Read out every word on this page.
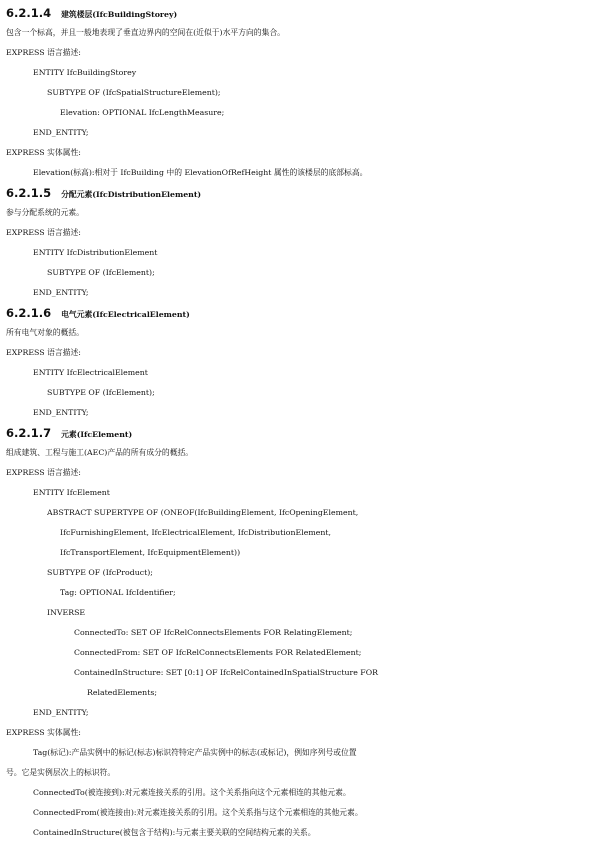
6.2.1.4 建筑楼层(IfcBuildingStorey)
包含一个标高，并且一般地表现了垂直边界内的空间在(近似于)水平方向的集合。
EXPRESS 语言描述:
ENTITY IfcBuildingStorey
SUBTYPE OF (IfcSpatialStructureElement);
Elevation: OPTIONAL IfcLengthMeasure;
END_ENTITY;
EXPRESS 实体属性:
Elevation(标高):相对于 IfcBuilding 中的 ElevationOfRefHeight 属性的该楼层的底部标高。
6.2.1.5 分配元素(IfcDistributionElement)
参与分配系统的元素。
EXPRESS 语言描述:
ENTITY IfcDistributionElement
SUBTYPE OF (IfcElement);
END_ENTITY;
6.2.1.6 电气元素(IfcElectricalElement)
所有电气对象的概括。
EXPRESS 语言描述:
ENTITY IfcElectricalElement
SUBTYPE OF (IfcElement);
END_ENTITY;
6.2.1.7 元素(IfcElement)
组成建筑、工程与施工(AEC)产品的所有成分的概括。
EXPRESS 语言描述:
ENTITY IfcElement
ABSTRACT SUPERTYPE OF (ONEOF(IfcBuildingElement, IfcOpeningElement,
IfcFurnishingElement, IfcElectricalElement, IfcDistributionElement,
IfcTransportElement, IfcEquipmentElement))
SUBTYPE OF (IfcProduct);
Tag: OPTIONAL IfcIdentifier;
INVERSE
ConnectedTo: SET OF IfcRelConnectsElements FOR RelatingElement;
ConnectedFrom: SET OF IfcRelConnectsElements FOR RelatedElement;
ContainedInStructure: SET [0:1] OF IfcRelContainedInSpatialStructure FOR
RelatedElements;
END_ENTITY;
EXPRESS 实体属性:
Tag(标记):产品实例中的标记(标志)标识符特定产品实例中的标志(或标记)，例如序列号或位置
号。它是实例层次上的标识符。
ConnectedTo(被连接到):对元素连接关系的引用。这个关系指向这个元素相连的其他元素。
ConnectedFrom(被连接由):对元素连接关系的引用。这个关系指与这个元素相连的其他元素。
ContainedInStructure(被包含于结构):与元素主要关联的空间结构元素的关系。
